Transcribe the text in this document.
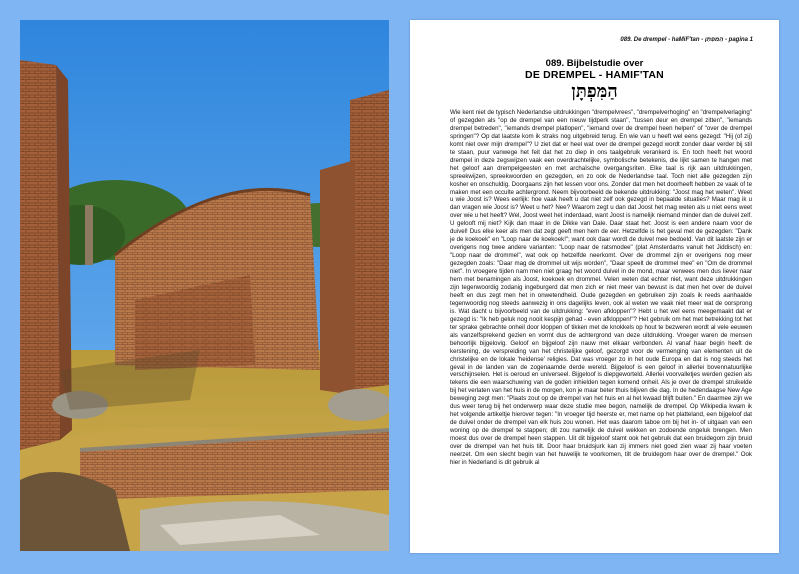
089. De drempel - haMiF'tan - הַמִּפְתָּן - pagina 1
089. Bijbelstudie over
DE DREMPEL - HAMIF'TAN
הַמִּפְתָּן

Wie kent niet de typisch Nederlandse uitdrukkingen "drempelvrees", "drempelverhoging" en "drempelverlaging" of gezegden als "op de drempel van een nieuw tijdperk staan", "tussen deur en drempel zitten", "iemands drempel betreden", "iemands drempel platlopen", "iemand over de drempel heen helpen" of "over de drempel springen"? Op dat laatste kom ik straks nog uitgebreid terug. En wie van u heeft wel eens gezegd: "Hij (of zij) komt niet over mijn drempel"? U ziet dat er heel wat over de drempel gezegd wordt zonder daar verder bij stil te staan, puur vanwege het feit dat het zo diep in ons taalgebruik verankerd is. En toch heeft het woord drempel in deze zegswijzen vaak een overdrachtelijke, symbolische betekenis, die lijkt samen te hangen met het geloof aan drempelgeesten en met archaïsche overgangsriten. Elke taal is rijk aan uitdrukkingen, spreekwijzen, spreekwoorden en gezegden, en zo ook de Nederlandse taal. Toch niet alle gezegden zijn kosher en onschuldig. Doorgaans zijn het lessen voor ons. Zonder dat men het doorheeft hebben ze vaak of te maken met een occulte achtergrond. Neem bijvoorbeeld de bekende uitdrukking: "Joost mag het weten". Weet u wie Joost is? Wees eerlijk: hoe vaak heeft u dat niet zelf ook gezegd in bepaalde situaties? Maar mag ik u dan vragen wie Joost is? Weet u het? Nee? Waarom zegt u dan dat Joost het mag weten als u niet eens weet over wie u het heeft? Wel, Joost weet het inderdaad, want Joost is namelijk niemand minder dan de duivel zelf. U gelooft mij niet? Kijk dan maar in de Dikke van Dale. Daar staat het: Joost is een andere naam voor de duivel! Dus elke keer als men dat zegt geeft men hem de eer. Hetzelfde is het geval met de gezegden: "Dank je de koekoek" en "Loop naar de koekoek!"; want ook daar wordt de duivel mee bedoeld. Van dit laatste zijn er overigens nog twee andere varianten: "Loop naar de ratsmodee" (plat Amsterdams vanuit het Jiddisch) en: "Loop naar de drommel", wat ook op hetzelfde neerkomt. Over de drommel zijn er overigens nog meer gezegden zoals: "Daar mag de drommel uit wijs worden", "Daar speelt de drommel mee" en "Om de drommel niet". In vroegere tijden nam men niet graag het woord duivel in de mond, maar verwees men dus liever naar hem met benamingen als Joost, koekoek en drommel. Velen weten dat echter niet, want deze uitdrukkingen zijn tegenwoordig zodanig ingeburgerd dat men zich er niet meer van bewust is dat men het over de duivel heeft en dus zegt men het in onwetendheid. Oude gezegden en gebruiken zijn zoals ik reeds aanhaalde tegenwoordig nog steeds aanwezig in ons dagelijks leven, ook al weten we vaak niet meer wat de oorsprong is. Wat dacht u bijvoorbeeld van de uitdrukking: "even afkloppen"? Hebt u het wel eens meegemaakt dat er gezegd is: "Ik heb geluk nog nooit kespijn gehad - even afkloppen!"? Het gebruik om het met betrekking tot het ter sprake gebrachte onheil door kloppen of tikken met de knokkels op hout te bezweren wordt al vele eeuwen als vanzelfsprekend gezien en vormt dus de achtergrond van deze uitdrukking. Vroeger waren de mensen behoorlijk bijgelovig. Geloof en bijgeloof zijn nauw met elkaar verbonden. Al vanaf haar begin heeft de kerstening, de verspreiding van het christelijke geloof, gezorgd voor de vermenging van elementen uit de christelijke en de lokale 'heidense' religies. Dat was vroeger zo in het oude Europa en dat is nog steeds het geval in de landen van de zogenaamde derde wereld. Bijgeloof is een geloof in allerlei bovennatuurlijke verschijnselen. Het is oeroud en universeel. Bijgeloof is diepgeworteld. Allerlei voorvalletjes werden gezien als tekens die een waarschuwing van de goden inhielden tegen komend onheil. Als je over de drempel struikelde bij het verlaten van het huis in de morgen, kon je maar beter thuis blijven die dag. In de hedendaagse New Age beweging zegt men: "Plaats zout op de drempel van het huis en al het kwaad blijft buiten." En daarmee zijn we dus weer terug bij het onderwerp waar deze studie mee begon, namelijk de drempel. Op Wikipedia kwam ik het volgende artikeltje hierover tegen: "In vroeger tijd heerste er, met name op het platteland, een bijgeloof dat de duivel onder de drempel van elk huis zou wonen. Het was daarom taboe om bij het in- of uitgaan van een woning op de drempel te stappen; dit zou namelijk de duivel wekken en zodoende ongeluk brengen. Men moest dus over de drempel heen stappen. Uit dit bijgeloof stamt ook het gebruik dat een bruidegom zijn bruid over de drempel van het huis tilt. Door haar bruidsjurk kan zij immers niet goed zien waar zij haar voeten neerzet. Om een slecht begin van het huwelijk te voorkomen, tilt de bruidegom haar over de drempel." Ook hier in Nederland is dit gebruik al
